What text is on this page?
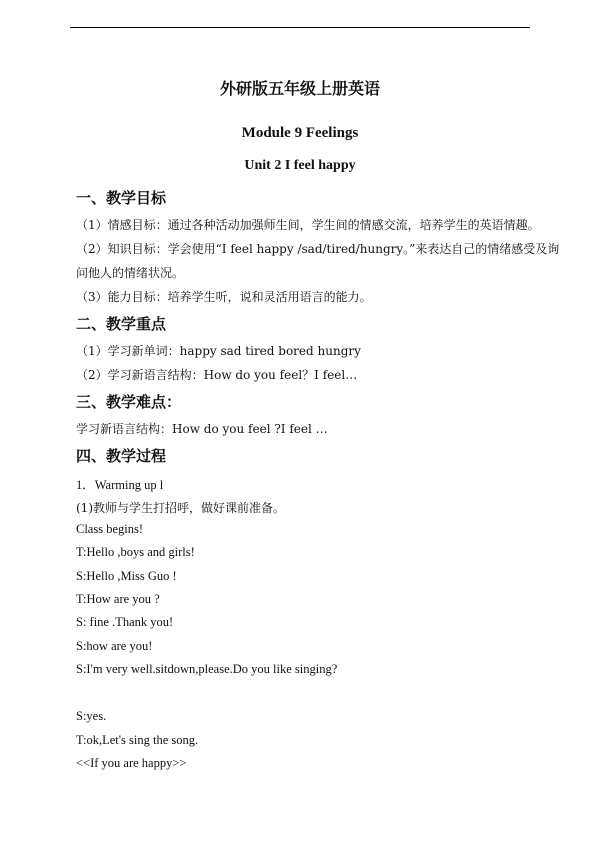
外研版五年级上册英语
Module 9 Feelings
Unit 2 I feel happy
一、教学目标
（1）情感目标：通过各种活动加强师生间，学生间的情感交流，培养学生的英语情趣。
（2）知识目标：学会使用“I feel happy /sad/tired/hungry。”来表达自己的情绪感受及询
问他人的情绪状况。
（3）能力目标：培养学生听，说和灵活用语言的能力。
二、教学重点
（1）学习新单词：happy sad tired bored hungry
（2）学习新语言结构：How do you feel？I feel…
三、教学难点：
学习新语言结构：How do you feel ?I feel …
四、教学过程
1．Warming up l
(1)教师与学生打招呼，做好课前准备。
Class begins!
T:Hello ,boys and girls!
S:Hello ,Miss Guo !
T:How are you ?
S: fine .Thank you!
S:how are you!
S:I'm very well.sitdown,please.Do you like singing?
S:yes.
T:ok,Let's sing the song.
<<If you are happy>>
